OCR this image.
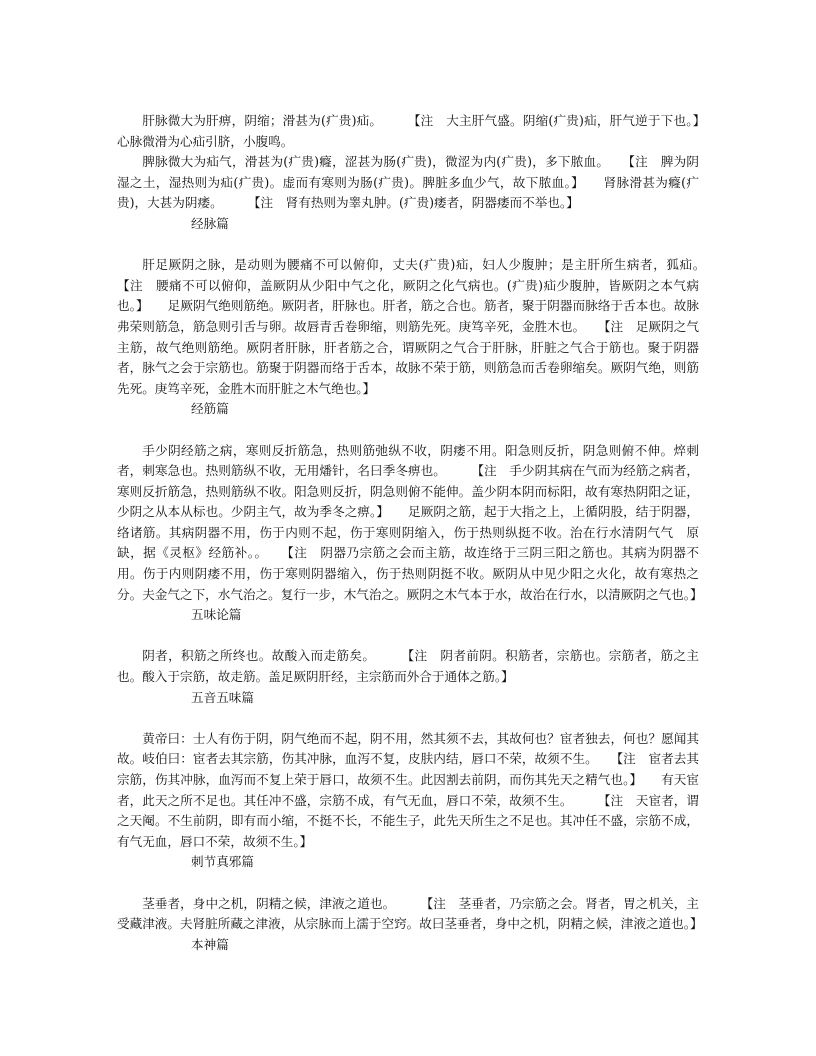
肝脉微大为肝痹，阴缩；滑甚为(疒贵)疝。　　　【注　大主肝气盛。阴缩(疒贵)疝，肝气逆于下也。】　　心脉微滑为心疝引脐，小腹鸣。

脾脉微大为疝气，滑甚为(疒贵)癃，涩甚为肠(疒贵)，微涩为内(疒贵)，多下脓血。　　【注　脾为阴湿之土，湿热则为疝(疒贵)。虚而有寒则为肠(疒贵)。脾脏多血少气，故下脓血。】　　肾脉滑甚为癃(疒贵)，大甚为阴痿。　　　【注　肾有热则为睾丸肿。(疒贵)痿者，阴器痿而不举也。】

经脉篇

肝足厥阴之脉，是动则为腰痛不可以俯仰，丈夫(疒贵)疝，妇人少腹肿；是主肝所生病者，狐疝。　　【注　腰痛不可以俯仰，盖厥阴从少阳中气之化，厥阴之化气病也。(疒贵)疝少腹肿，皆厥阴之本气病也。】　　足厥阴气绝则筋绝。厥阴者，肝脉也。肝者，筋之合也。筋者，聚于阴器而脉络于舌本也。故脉弗荣则筋急，筋急则引舌与卵。故唇青舌卷卵缩，则筋先死。庚笃辛死，金胜木也。　　【注　足厥阴之气主筋，故气绝则筋绝。厥阴者肝脉，肝者筋之合，谓厥阴之气合于肝脉，肝脏之气合于筋也。聚于阴器者，脉气之会于宗筋也。筋聚于阴器而络于舌本，故脉不荣于筋，则筋急而舌卷卵缩矣。厥阴气绝，则筋先死。庚笃辛死，金胜木而肝脏之木气绝也。】

经筋篇

手少阴经筋之病，寒则反折筋急，热则筋弛纵不收，阴痿不用。阳急则反折，阴急则俯不伸。焠刺者，刺寒急也。热则筋纵不收，无用燔针，名曰季冬痹也。　　　【注　手少阴其病在气而为经筋之病者，寒则反折筋急，热则筋纵不收。阳急则反折，阴急则俯不能伸。盖少阴本阴而标阳，故有寒热阴阳之证，少阴之从本从标也。少阴主气，故为季冬之痹。】　　足厥阴之筋，起于大指之上，上循阴股，结于阴器，络诸筋。其病阴器不用，伤于内则不起，伤于寒则阴缩入，伤于热则纵挺不收。治在行水清阴气气　原缺，据《灵枢》经筋补。。　　【注　阴器乃宗筋之会而主筋，故连络于三阴三阳之筋也。其病为阴器不用。伤于内则阴痿不用，伤于寒则阴器缩入，伤于热则阴挺不收。厥阴从中见少阳之火化，故有寒热之分。夫金气之下，水气治之。复行一步，木气治之。厥阴之木气本于水，故治在行水，以清厥阴之气也。】

五味论篇

阴者，积筋之所终也。故酸入而走筋矣。　　　【注　阴者前阴。积筋者，宗筋也。宗筋者，筋之主也。酸入于宗筋，故走筋。盖足厥阴肝经，主宗筋而外合于通体之筋。】

五音五味篇

黄帝曰：士人有伤于阴，阴气绝而不起，阴不用，然其须不去，其故何也？宦者独去，何也？愿闻其故。岐伯曰：宦者去其宗筋，伤其冲脉，血泻不复，皮肤内结，唇口不荣，故须不生。　　【注　宦者去其宗筋，伤其冲脉，血泻而不复上荣于唇口，故须不生。此因割去前阴，而伤其先天之精气也。】　　有天宦者，此天之所不足也。其任冲不盛，宗筋不成，有气无血，唇口不荣，故须不生。　　　【注　天宦者，谓之天阉。不生前阴，即有而小缩，不挺不长，不能生子，此先天所生之不足也。其冲任不盛，宗筋不成，有气无血，唇口不荣，故须不生。】

刺节真邪篇

茎垂者，身中之机，阴精之候，津液之道也。　　　【注　茎垂者，乃宗筋之会。肾者，胃之机关，主受藏津液。夫肾脏所藏之津液，从宗脉而上濡于空窍。故曰茎垂者，身中之机，阴精之候，津液之道也。】

本神篇
